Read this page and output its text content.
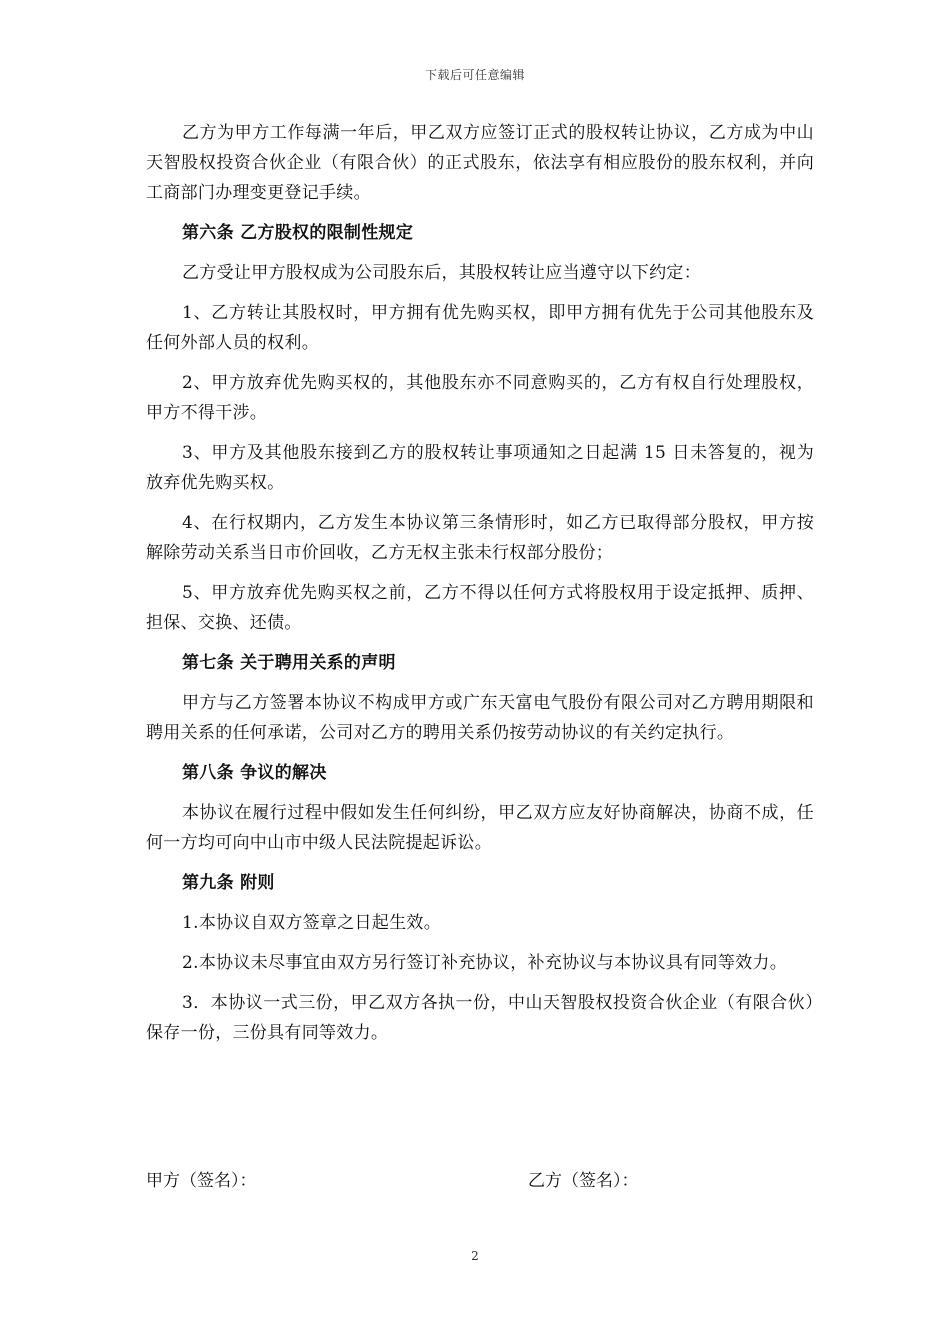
下载后可任意编辑

乙方为甲方工作每满一年后，甲乙双方应签订正式的股权转让协议，乙方成为中山天智股权投资合伙企业（有限合伙）的正式股东，依法享有相应股份的股东权利，并向工商部门办理变更登记手续。

第六条 乙方股权的限制性规定

乙方受让甲方股权成为公司股东后，其股权转让应当遵守以下约定：

1、乙方转让其股权时，甲方拥有优先购买权，即甲方拥有优先于公司其他股东及任何外部人员的权利。

2、甲方放弃优先购买权的，其他股东亦不同意购买的，乙方有权自行处理股权，甲方不得干涉。

3、甲方及其他股东接到乙方的股权转让事项通知之日起满 15 日未答复的，视为放弃优先购买权。

4、在行权期内，乙方发生本协议第三条情形时，如乙方已取得部分股权，甲方按解除劳动关系当日市价回收，乙方无权主张未行权部分股份；

5、甲方放弃优先购买权之前，乙方不得以任何方式将股权用于设定抵押、质押、担保、交换、还债。

第七条 关于聘用关系的声明

甲方与乙方签署本协议不构成甲方或广东天富电气股份有限公司对乙方聘用期限和聘用关系的任何承诺，公司对乙方的聘用关系仍按劳动协议的有关约定执行。

第八条 争议的解决

本协议在履行过程中假如发生任何纠纷，甲乙双方应友好协商解决，协商不成，任何一方均可向中山市中级人民法院提起诉讼。

第九条 附则

1.本协议自双方签章之日起生效。

2.本协议未尽事宜由双方另行签订补充协议，补充协议与本协议具有同等效力。

3．本协议一式三份，甲乙双方各执一份，中山天智股权投资合伙企业（有限合伙）保存一份，三份具有同等效力。

甲方（签名）：	乙方（签名）：
2
